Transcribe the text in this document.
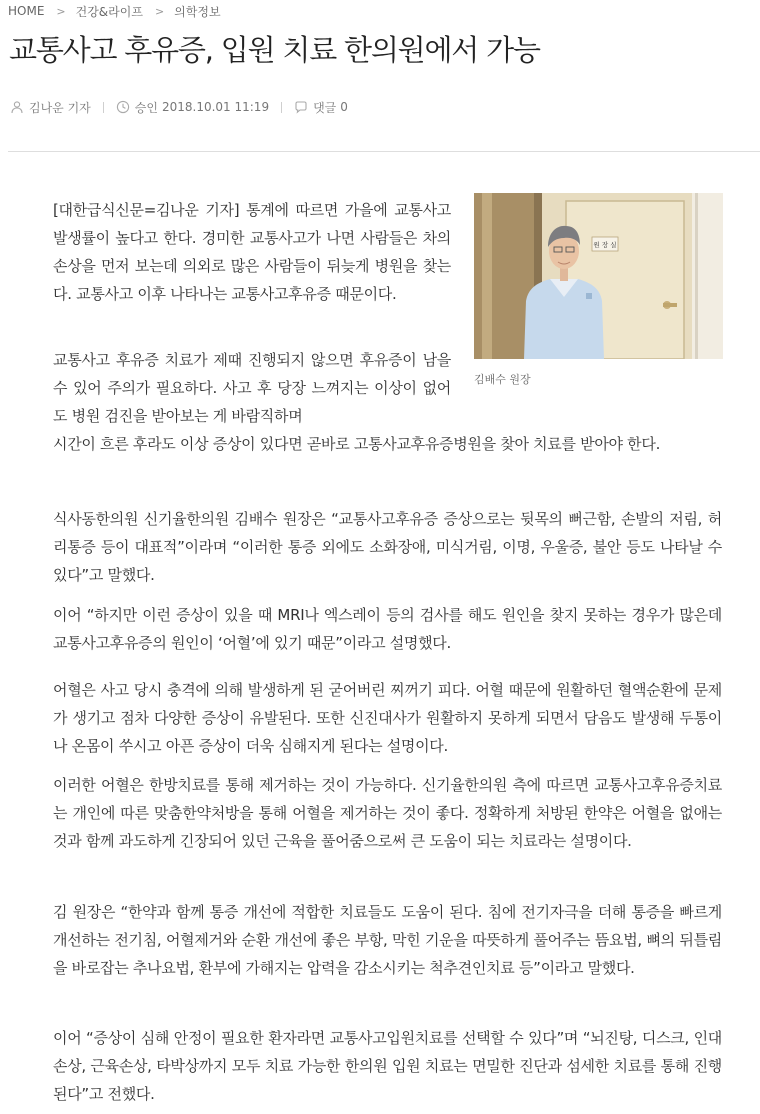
HOME > 건강&라이프 > 의학정보
교통사고 후유증, 입원 치료 한의원에서 가능
김나운 기자	승인 2018.10.01 11:19	댓글 0
원 장 실
김배수 원장

[대한급식신문=김나운 기자] 통계에 따르면 가을에 교통사고 발생률이 높다고 한다. 경미한 교통사고가 나면 사람들은 차의 손상을 먼저 보는데 의외로 많은 사람들이 뒤늦게 병원을 찾는다. 교통사고 이후 나타나는 교통사고후유증 때문이다.

교통사고 후유증 치료가 제때 진행되지 않으면 후유증이 남을 수 있어 주의가 필요하다. 사고 후 당장 느껴지는 이상이 없어도 병원 검진을 받아보는 게 바람직하며

시간이 흐른 후라도 이상 증상이 있다면 곧바로 고통사교후유증병원을 찾아 치료를 받아야 한다.

식사동한의원 신기율한의원 김배수 원장은 “교통사고후유증 증상으로는 뒷목의 뻐근함, 손발의 저림, 허리통증 등이 대표적”이라며 “이러한 통증 외에도 소화장애, 미식거림, 이명, 우울증, 불안 등도 나타날 수 있다”고 말했다.

이어 “하지만 이런 증상이 있을 때 MRI나 엑스레이 등의 검사를 해도 원인을 찾지 못하는 경우가 많은데 교통사고후유증의 원인이 ‘어혈’에 있기 때문”이라고 설명했다.

어혈은 사고 당시 충격에 의해 발생하게 된 굳어버린 찌꺼기 피다. 어혈 때문에 원활하던 혈액순환에 문제가 생기고 점차 다양한 증상이 유발된다. 또한 신진대사가 원활하지 못하게 되면서 담음도 발생해 두통이나 온몸이 쑤시고 아픈 증상이 더욱 심해지게 된다는 설명이다.

이러한 어혈은 한방치료를 통해 제거하는 것이 가능하다. 신기율한의원 측에 따르면 교통사고후유증치료는 개인에 따른 맞춤한약처방을 통해 어혈을 제거하는 것이 좋다. 정확하게 처방된 한약은 어혈을 없애는 것과 함께 과도하게 긴장되어 있던 근육을 풀어줌으로써 큰 도움이 되는 치료라는 설명이다.

김 원장은 “한약과 함께 통증 개선에 적합한 치료들도 도움이 된다. 침에 전기자극을 더해 통증을 빠르게 개선하는 전기침, 어혈제거와 순환 개선에 좋은 부항, 막힌 기운을 따뜻하게 풀어주는 뜸요법, 뼈의 뒤틀림을 바로잡는 추나요법, 환부에 가해지는 압력을 감소시키는 척추견인치료 등”이라고 말했다.

이어 “증상이 심해 안정이 필요한 환자라면 교통사고입원치료를 선택할 수 있다”며 “뇌진탕, 디스크, 인대손상, 근육손상, 타박상까지 모두 치료 가능한 한의원 입원 치료는 면밀한 진단과 섬세한 치료를 통해 진행된다”고 전했다.
